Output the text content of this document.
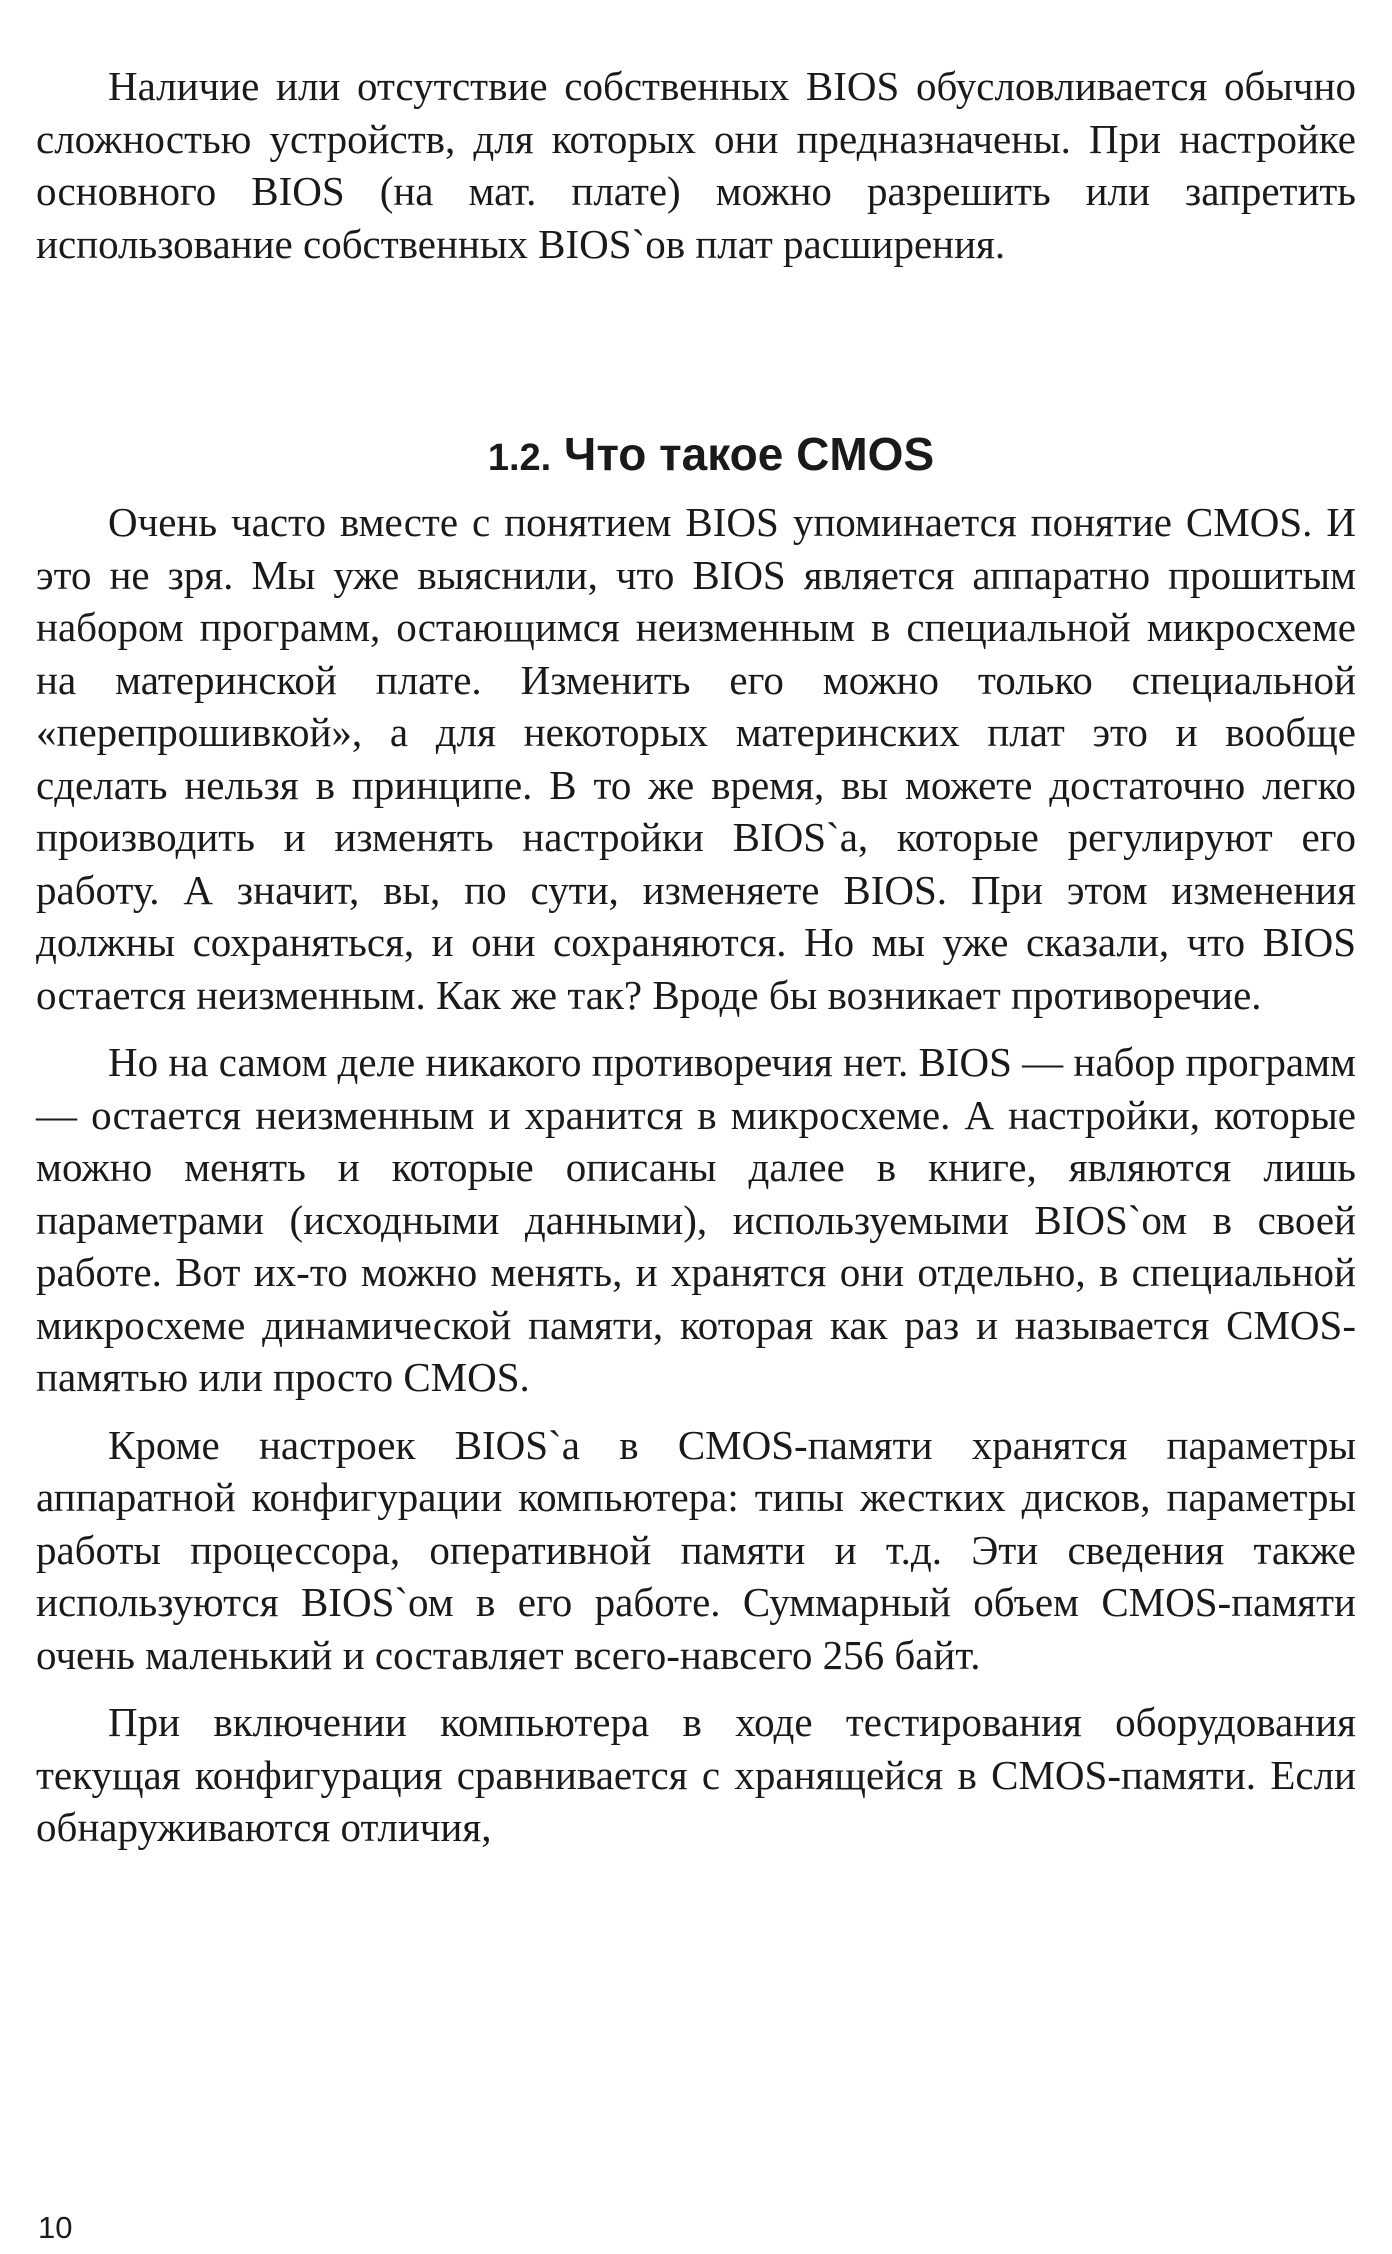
Наличие или отсутствие собственных BIOS обусловливается обычно сложностью устройств, для которых они предназначены. При настройке основного BIOS (на мат. плате) можно разрешить или запретить использование собственных BIOS`ов плат расширения.

1.2. Что такое CMOS

Очень часто вместе с понятием BIOS упоминается понятие CMOS. И это не зря. Мы уже выяснили, что BIOS является аппаратно прошитым набором программ, остающимся неизменным в специальной микросхеме на материнской плате. Изменить его можно только специальной «перепрошивкой», а для некоторых материнских плат это и вообще сделать нельзя в принципе. В то же время, вы можете достаточно легко производить и изменять настройки BIOS`a, которые регулируют его работу. А значит, вы, по сути, изменяете BIOS. При этом изменения должны сохраняться, и они сохраняются. Но мы уже сказали, что BIOS остается неизменным. Как же так? Вроде бы возникает противоречие.

Но на самом деле никакого противоречия нет. BIOS — набор программ — остается неизменным и хранится в микросхеме. А настройки, которые можно менять и которые описаны далее в книге, являются лишь параметрами (исходными данными), используемыми BIOS`ом в своей работе. Вот их-то можно менять, и хранятся они отдельно, в специальной микросхеме динамической памяти, которая как раз и называется CMOS-памятью или просто CMOS.

Кроме настроек BIOS`a в CMOS-памяти хранятся параметры аппаратной конфигурации компьютера: типы жестких дисков, параметры работы процессора, оперативной памяти и т.д. Эти сведения также используются BIOS`ом в его работе. Суммарный объем CMOS-памяти очень маленький и составляет всего-навсего 256 байт.

При включении компьютера в ходе тестирования оборудования текущая конфигурация сравнивается с хранящейся в CMOS-памяти. Если обнаруживаются отличия,

10
